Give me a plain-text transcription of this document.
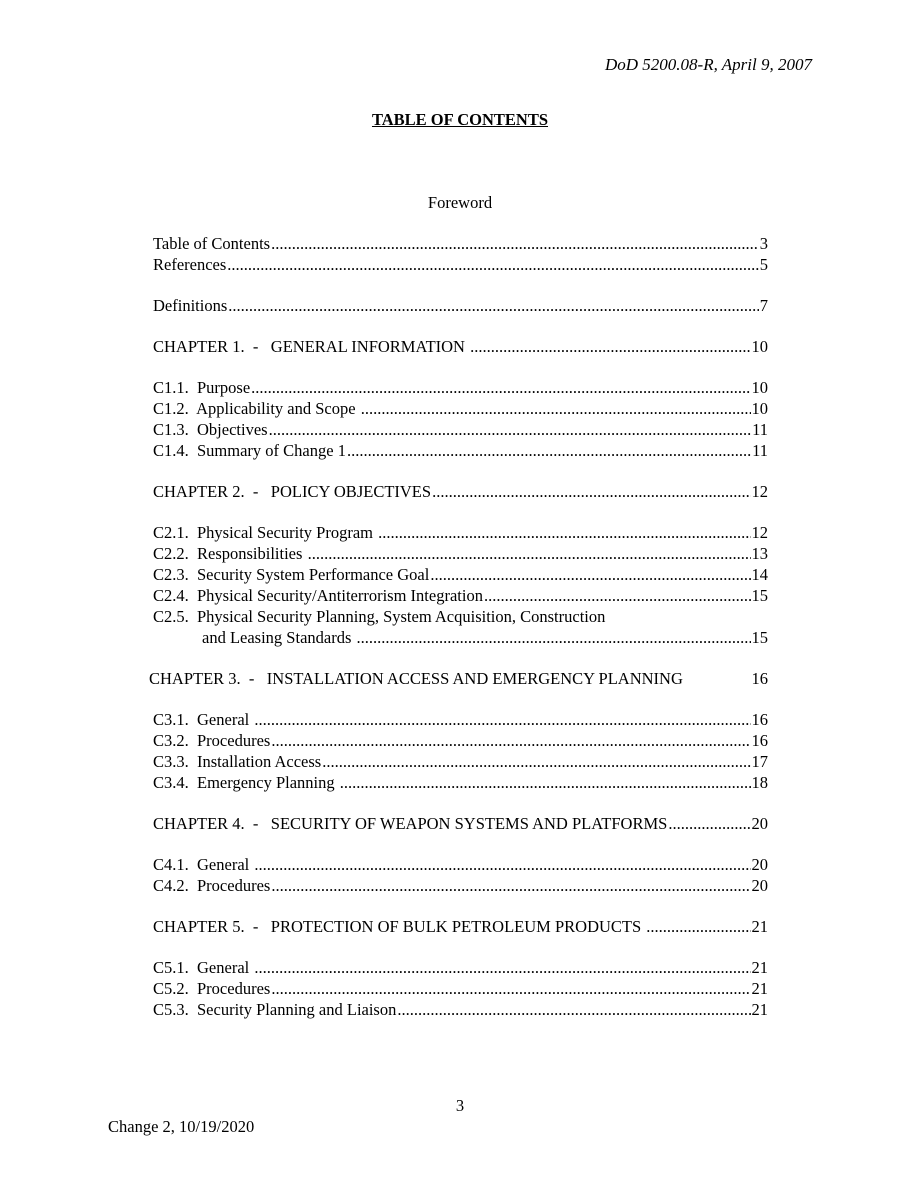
DoD 5200.08-R, April 9, 2007
TABLE OF CONTENTS
Foreword
Table of Contents .....	3
References .....	5
Definitions .....	7
CHAPTER 1.  -   GENERAL INFORMATION .....	10
C1.1.  Purpose .....	10
C1.2.  Applicability and Scope .....	10
C1.3.  Objectives .....	11
C1.4.  Summary of Change 1 .....	11
CHAPTER 2.  -   POLICY OBJECTIVES .....	12
C2.1.  Physical Security Program .....	12
C2.2.  Responsibilities .....	13
C2.3.  Security System Performance Goal .....	14
C2.4.  Physical Security/Antiterrorism Integration .....	15
C2.5.  Physical Security Planning, System Acquisition, Construction
and Leasing Standards .....	15
CHAPTER 3.  -   INSTALLATION ACCESS AND EMERGENCY PLANNING	16
C3.1.  General .....	16
C3.2.  Procedures .....	16
C3.3.  Installation Access .....	17
C3.4.  Emergency Planning .....	18
CHAPTER 4.  -   SECURITY OF WEAPON SYSTEMS AND PLATFORMS .....	20
C4.1.  General .....	20
C4.2.  Procedures .....	20
CHAPTER 5.  -   PROTECTION OF BULK PETROLEUM PRODUCTS .....	21
C5.1.  General .....	21
C5.2.  Procedures .....	21
C5.3.  Security Planning and Liaison .....	21
3
Change 2, 10/19/2020
